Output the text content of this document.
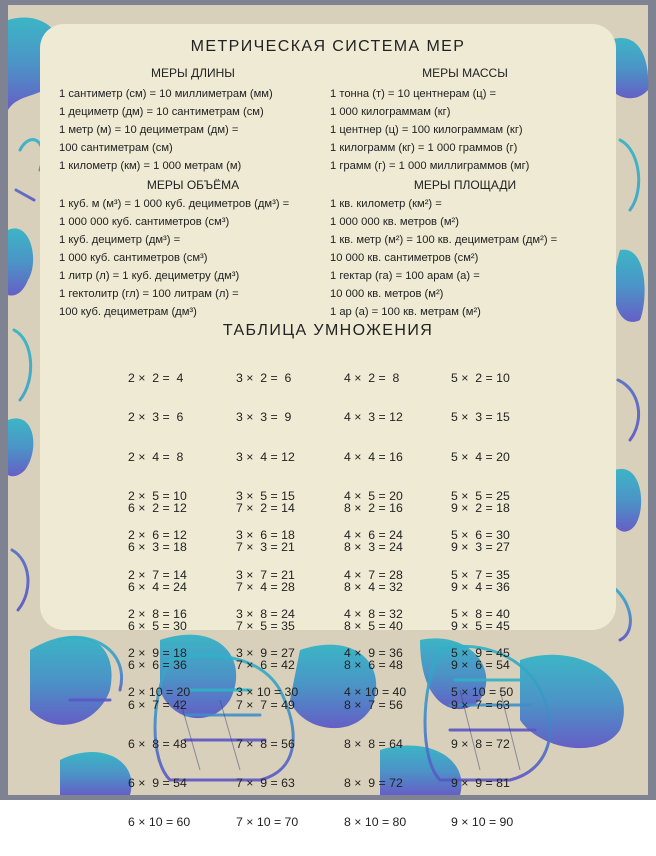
МЕТРИЧЕСКАЯ СИСТЕМА МЕР
МЕРЫ ДЛИНЫ	МЕРЫ МАССЫ
1 сантиметр (см) = 10 миллиметрам (мм)
1 дециметр (дм) = 10 сантиметрам (см)
1 метр (м) = 10 дециметрам (дм) =
100 сантиметрам (см)
1 километр (км) = 1 000 метрам (м)
1 тонна (т) = 10 центнерам (ц) =
1 000 килограммам (кг)
1 центнер (ц) = 100 килограммам (кг)
1 килограмм (кг) = 1 000 граммов (г)
1 грамм (г) = 1 000 миллиграммов (мг)
МЕРЫ ОБЪЁМА	МЕРЫ ПЛОЩАДИ
1 куб. м (м³) = 1 000 куб. дециметров (дм³) =
1 000 000 куб. сантиметров (см³)
1 куб. дециметр (дм³) =
1 000 куб. сантиметров (см³)
1 литр (л) = 1 куб. дециметру (дм³)
1 гектолитр (гл) = 100 литрам (л) =
100 куб. дециметрам (дм³)
1 кв. километр (км²) =
1 000 000 кв. метров (м²)
1 кв. метр (м²) = 100 кв. дециметрам (дм²) =
10 000 кв. сантиметров (см²)
1 гектар (га) = 100 арам (а) =
10 000 кв. метров (м²)
1 ар (а) = 100 кв. метрам (м²)
ТАБЛИЦА УМНОЖЕНИЯ

2 ×  2 =  4

2 ×  3 =  6

2 ×  4 =  8

2 ×  5 = 10

2 ×  6 = 12

2 ×  7 = 14

2 ×  8 = 16

2 ×  9 = 18

2 × 10 = 20

3 ×  2 =  6

3 ×  3 =  9

3 ×  4 = 12

3 ×  5 = 15

3 ×  6 = 18

3 ×  7 = 21

3 ×  8 = 24

3 ×  9 = 27

3 × 10 = 30

4 ×  2 =  8

4 ×  3 = 12

4 ×  4 = 16

4 ×  5 = 20

4 ×  6 = 24

4 ×  7 = 28

4 ×  8 = 32

4 ×  9 = 36

4 × 10 = 40

5 ×  2 = 10

5 ×  3 = 15

5 ×  4 = 20

5 ×  5 = 25

5 ×  6 = 30

5 ×  7 = 35

5 ×  8 = 40

5 ×  9 = 45

5 × 10 = 50

6 ×  2 = 12

6 ×  3 = 18

6 ×  4 = 24

6 ×  5 = 30

6 ×  6 = 36

6 ×  7 = 42

6 ×  8 = 48

6 ×  9 = 54

6 × 10 = 60

7 ×  2 = 14

7 ×  3 = 21

7 ×  4 = 28

7 ×  5 = 35

7 ×  6 = 42

7 ×  7 = 49

7 ×  8 = 56

7 ×  9 = 63

7 × 10 = 70

8 ×  2 = 16

8 ×  3 = 24

8 ×  4 = 32

8 ×  5 = 40

8 ×  6 = 48

8 ×  7 = 56

8 ×  8 = 64

8 ×  9 = 72

8 × 10 = 80

9 ×  2 = 18

9 ×  3 = 27

9 ×  4 = 36

9 ×  5 = 45

9 ×  6 = 54

9 ×  7 = 63

9 ×  8 = 72

9 ×  9 = 81

9 × 10 = 90
